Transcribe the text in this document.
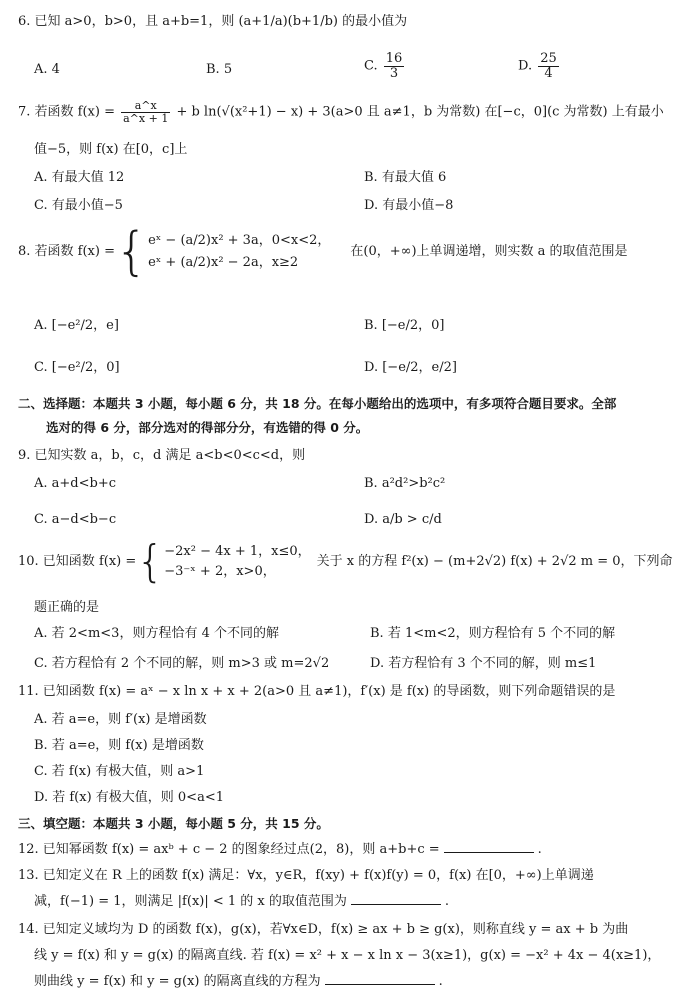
6. 已知 a>0，b>0，且 a+b=1，则 (a+1/a)(b+1/b) 的最小值为
A. 4	B. 5	C. $\frac{16}{3}$	D. $\frac{25}{4}$
7. 若函数 $f(x) = \frac{a\^{}x}{a\^{}x + 1} + b$ ln(√(x²+1) − x) + 3(a>0 且 a≠1，b 为常数) 在[−c，0](c 为常数) 上有最小
值−5，则 f(x) 在[0，c]上
A. 有最大值 12	B. 有最大值 6
C. 有最小值−5	D. 有最小值−8
8. 若函数 f(x) = { eˣ − (a/2)x² + 3a，0<x<2，
eˣ + (a/2)x² − 2a，x≥2
在(0，+∞)上单调递增，则实数 a 的取值范围是
A. [−e²/2，e]	B. [−e/2，0]
C. [−e²/2，0]	D. [−e/2，e/2]
二、选择题：本题共 3 小题，每小题 6 分，共 18 分。在每小题给出的选项中，有多项符合题目要求。全部
选对的得 6 分，部分选对的得部分分，有选错的得 0 分。
9. 已知实数 a，b，c，d 满足 a<b<0<c<d，则
A. a+d<b+c	B. a²d²>b²c²
C. a−d<b−c	D. a/b > c/d
10. 已知函数 f(x) = { −2x² − 4x + 1，x≤0，
−3⁻ˣ + 2，x>0，
关于 x 的方程 f²(x) − (m+2√2) f(x) + 2√2 m = 0，下列命
题正确的是
A. 若 2<m<3，则方程恰有 4 个不同的解	B. 若 1<m<2，则方程恰有 5 个不同的解
C. 若方程恰有 2 个不同的解，则 m>3 或 m=2√2	D. 若方程恰有 3 个不同的解，则 m≤1
11. 已知函数 f(x) = aˣ − x ln x + x + 2(a>0 且 a≠1)，f′(x) 是 f(x) 的导函数，则下列命题错误的是
A. 若 a=e，则 f′(x) 是增函数
B. 若 a=e，则 f(x) 是增函数
C. 若 f(x) 有极大值，则 a>1
D. 若 f(x) 有极大值，则 0<a<1
三、填空题：本题共 3 小题，每小题 5 分，共 15 分。
12. 已知幂函数 f(x) = axᵇ + c − 2 的图象经过点(2，8)，则 a+b+c =	.
13. 已知定义在 R 上的函数 f(x) 满足：∀x，y∈R，f(xy) + f(x)f(y) = 0，f(x) 在[0，+∞)上单调递
减，f(−1) = 1，则满足 |f(x)| < 1 的 x 的取值范围为	.
14. 已知定义域均为 D 的函数 f(x)，g(x)，若∀x∈D，f(x) ≥ ax + b ≥ g(x)，则称直线 y = ax + b 为曲
线 y = f(x) 和 y = g(x) 的隔离直线. 若 f(x) = x² + x − x ln x − 3(x≥1)，g(x) = −x² + 4x − 4(x≥1)，
则曲线 y = f(x) 和 y = g(x) 的隔离直线的方程为	.
